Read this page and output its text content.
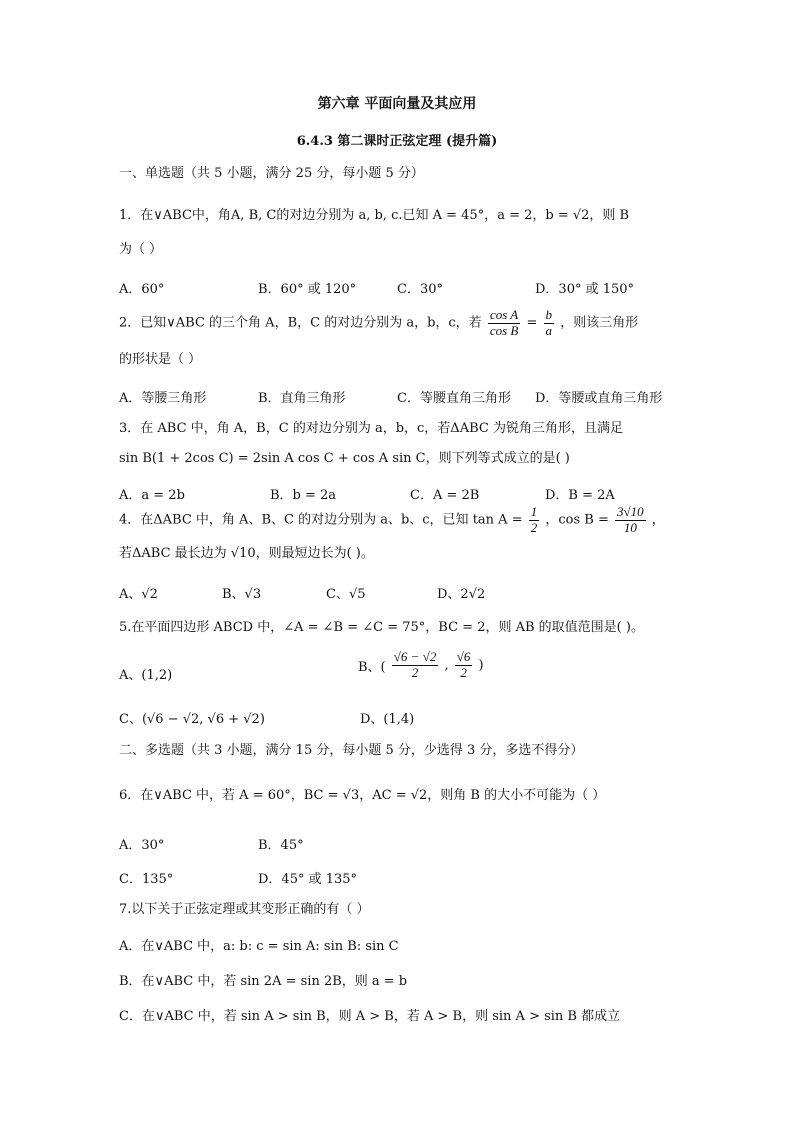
第六章 平面向量及其应用
6.4.3 第二课时正弦定理 (提升篇)
一、单选题（共 5 小题，满分 25 分，每小题 5 分）
1．在∨ABC中，角A, B, C的对边分别为 a, b, c.已知 A = 45°，a = 2，b = √2，则 B
为（ ）
A．60°	B．60° 或 120°	C．30°	D．30° 或 150°
2．已知∨ABC 的三个角 A，B，C 的对边分别为 a，b，c，若 $\frac{\text{cos A}}{\text{cos B}} = \frac{b}{a}$ ，则该三角形
的形状是（ ）
A．等腰三角形	B．直角三角形	C．等腰直角三角形 D．等腰或直角三角形
3．在 ABC 中，角 A，B，C 的对边分别为 a，b，c，若ΔABC 为锐角三角形，且满足
sin B(1 + 2cos C) = 2sin A cos C + cos A sin C，则下列等式成立的是( )
A．a = 2b	B．b = 2a	C．A = 2B	D．B = 2A
4．在ΔABC 中，角 A、B、C 的对边分别为 a、b、c，已知 $\tan A = \frac{1}{2}$ ，$\cos B = \frac{3√10}{10}$ ，
若ΔABC 最长边为 √10，则最短边长为( )。
A、√2	B、√3	C、√5	D、2√2
5.在平面四边形 ABCD 中，∠A = ∠B = ∠C = 75°，BC = 2，则 AB 的取值范围是( )。
A、(1,2)
B、( $\frac{√6 - √2}{2}$ , $\frac{√6}{2}$ )
C、(√6 − √2, √6 + √2)	D、(1,4)
二、多选题（共 3 小题，满分 15 分，每小题 5 分，少选得 3 分，多选不得分）
6．在∨ABC 中，若 A = 60°，BC = √3，AC = √2，则角 B 的大小不可能为（ ）
A．30°	B．45°
C．135°	D．45° 或 135°
7.以下关于正弦定理或其变形正确的有（ ）
A．在∨ABC 中，a: b: c = sin A: sin B: sin C
B．在∨ABC 中，若 sin 2A = sin 2B，则 a = b
C．在∨ABC 中，若 sin A > sin B，则 A > B，若 A > B，则 sin A > sin B 都成立
